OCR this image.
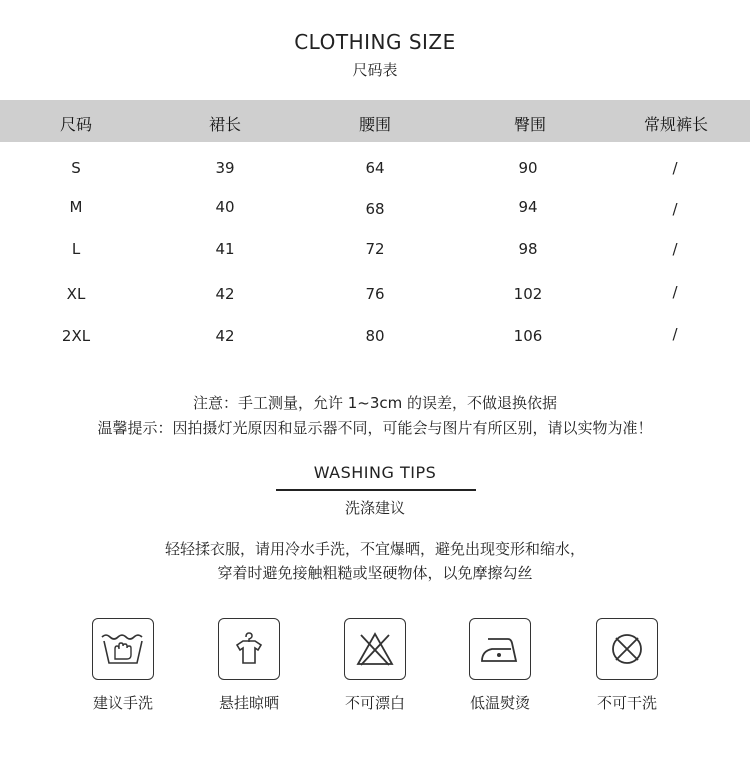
CLOTHING SIZE
尺码表
尺码	裙长	腰围	臀围	常规裤长
S	39	64	90	/
M	40	68	94	/
L	41	72	98	/
XL	42	76	102	/
2XL	42	80	106	/
注意：手工测量，允许 1~3cm 的误差，不做退换依据
温馨提示：因拍摄灯光原因和显示器不同，可能会与图片有所区别，请以实物为准！
WASHING TIPS
洗涤建议
轻轻揉衣服，请用冷水手洗，不宜爆晒，避免出现变形和缩水，
穿着时避免接触粗糙或坚硬物体，以免摩擦勾丝
建议手洗	悬挂晾晒	不可漂白	低温熨烫	不可干洗
